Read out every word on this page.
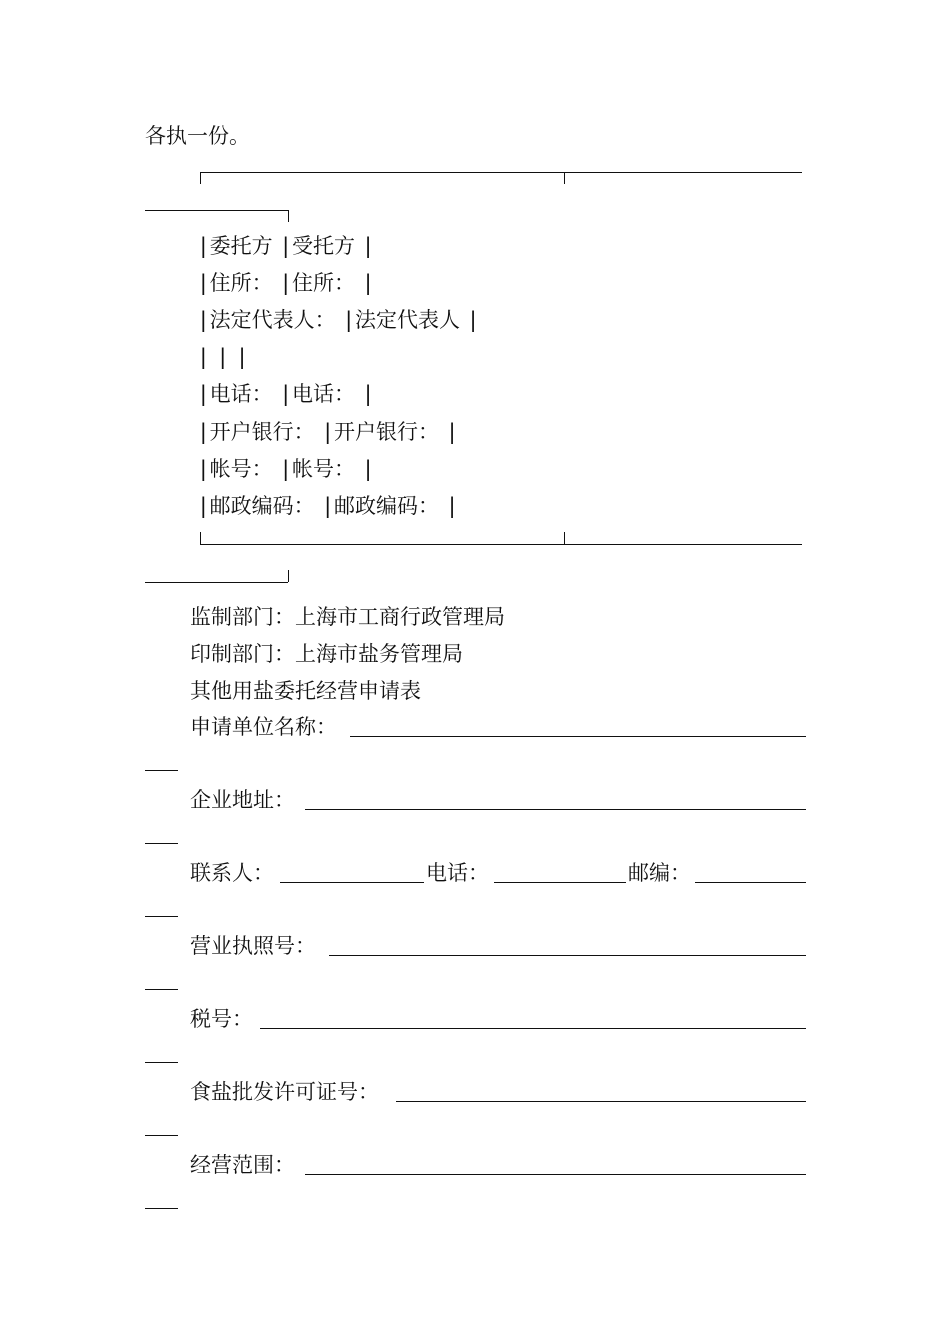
各执一份。
|委托方 |受托方 |
|住所： |住所： |
|法定代表人： |法定代表人 |
| | |
|电话： |电话： |
|开户银行： |开户银行： |
|帐号： |帐号： |
|邮政编码： |邮政编码： |
监制部门：上海市工商行政管理局
印制部门：上海市盐务管理局
其他用盐委托经营申请表
申请单位名称：
企业地址：
联系人：	电话：	邮编：
营业执照号：
税号：
食盐批发许可证号：
经营范围：
